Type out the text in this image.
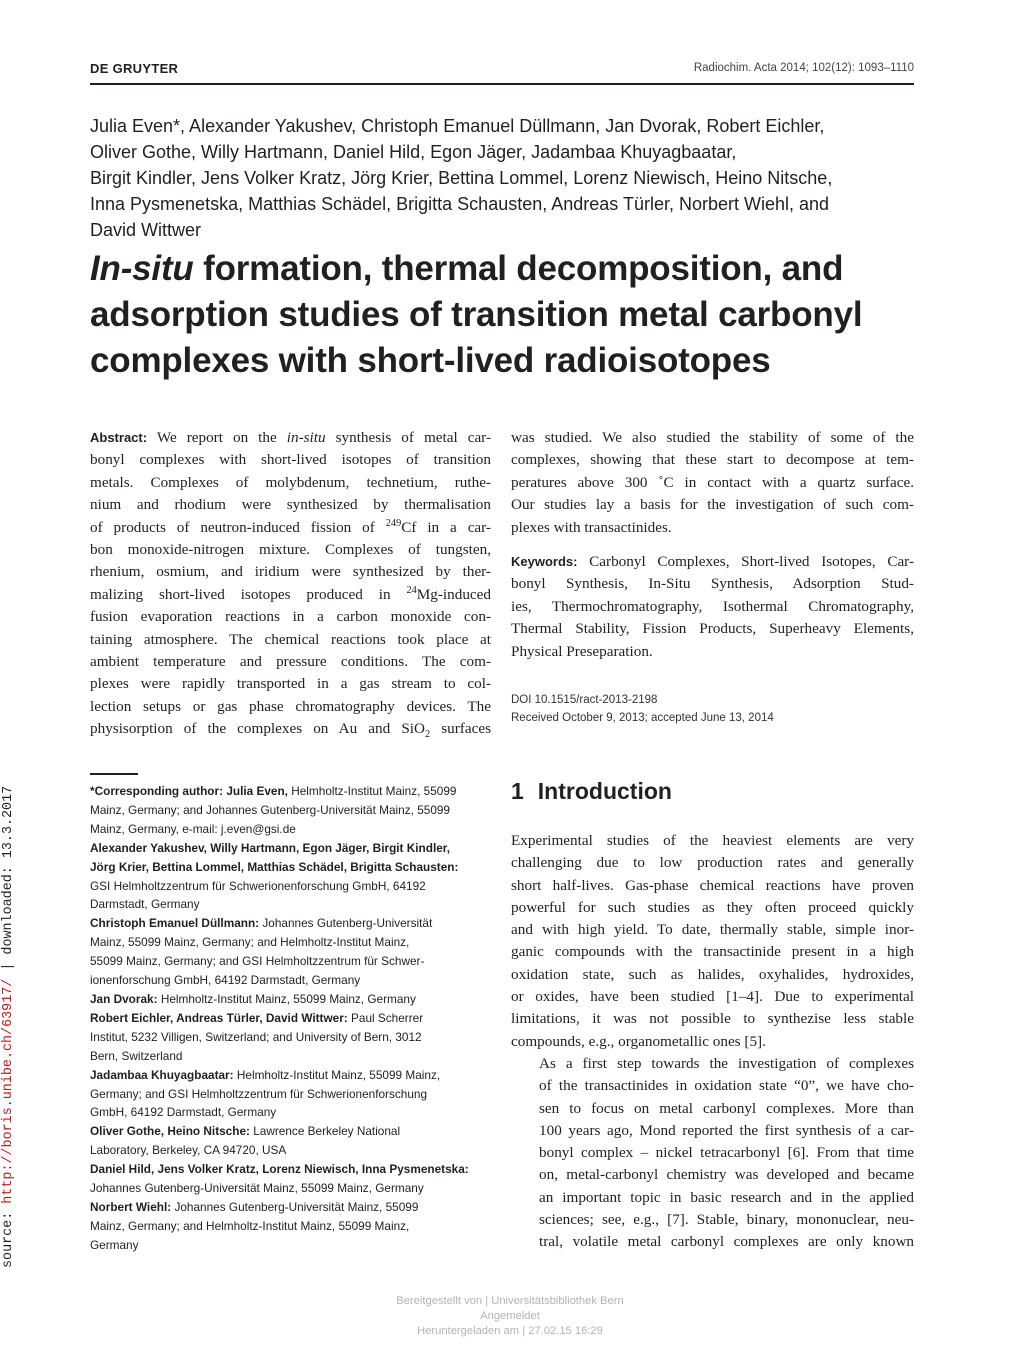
DE GRUYTER	Radiochim. Acta 2014; 102(12): 1093–1110
Julia Even*, Alexander Yakushev, Christoph Emanuel Düllmann, Jan Dvorak, Robert Eichler,
Oliver Gothe, Willy Hartmann, Daniel Hild, Egon Jäger, Jadambaa Khuyagbaatar,
Birgit Kindler, Jens Volker Kratz, Jörg Krier, Bettina Lommel, Lorenz Niewisch, Heino Nitsche,
Inna Pysmenetska, Matthias Schädel, Brigitta Schausten, Andreas Türler, Norbert Wiehl, and
David Wittwer
In-situ formation, thermal decomposition, and
adsorption studies of transition metal carbonyl
complexes with short-lived radioisotopes
Abstract: We report on the in-situ synthesis of metal car-
bonyl complexes with short-lived isotopes of transition
metals. Complexes of molybdenum, technetium, ruthe-
nium and rhodium were synthesized by thermalisation
of products of neutron-induced fission of $^{249}$Cf in a car-
bon monoxide-nitrogen mixture. Complexes of tungsten,
rhenium, osmium, and iridium were synthesized by ther-
malizing short-lived isotopes produced in $^{24}$Mg-induced
fusion evaporation reactions in a carbon monoxide con-
taining atmosphere. The chemical reactions took place at
ambient temperature and pressure conditions. The com-
plexes were rapidly transported in a gas stream to col-
lection setups or gas phase chromatography devices. The
physisorption of the complexes on Au and SiO$_2$ surfaces
was studied. We also studied the stability of some of the
complexes, showing that these start to decompose at tem-
peratures above 300 ˚C in contact with a quartz surface.
Our studies lay a basis for the investigation of such com-
plexes with transactinides.
Keywords: Carbonyl Complexes, Short-lived Isotopes, Car-
bonyl Synthesis, In-Situ Synthesis, Adsorption Stud-
ies, Thermochromatography, Isothermal Chromatography,
Thermal Stability, Fission Products, Superheavy Elements,
Physical Preseparation.
DOI 10.1515/ract-2013-2198
Received October 9, 2013; accepted June 13, 2014
*Corresponding author: Julia Even, Helmholtz-Institut Mainz, 55099
Mainz, Germany; and Johannes Gutenberg-Universität Mainz, 55099
Mainz, Germany, e-mail: j.even@gsi.de
Alexander Yakushev, Willy Hartmann, Egon Jäger, Birgit Kindler,
Jörg Krier, Bettina Lommel, Matthias Schädel, Brigitta Schausten:
GSI Helmholtzzentrum für Schwerionenforschung GmbH, 64192
Darmstadt, Germany
Christoph Emanuel Düllmann: Johannes Gutenberg-Universität
Mainz, 55099 Mainz, Germany; and Helmholtz-Institut Mainz,
55099 Mainz, Germany; and GSI Helmholtzzentrum für Schwer-
ionenforschung GmbH, 64192 Darmstadt, Germany
Jan Dvorak: Helmholtz-Institut Mainz, 55099 Mainz, Germany
Robert Eichler, Andreas Türler, David Wittwer: Paul Scherrer
Institut, 5232 Villigen, Switzerland; and University of Bern, 3012
Bern, Switzerland
Jadambaa Khuyagbaatar: Helmholtz-Institut Mainz, 55099 Mainz,
Germany; and GSI Helmholtzzentrum für Schwerionenforschung
GmbH, 64192 Darmstadt, Germany
Oliver Gothe, Heino Nitsche: Lawrence Berkeley National
Laboratory, Berkeley, CA 94720, USA
Daniel Hild, Jens Volker Kratz, Lorenz Niewisch, Inna Pysmenetska:
Johannes Gutenberg-Universität Mainz, 55099 Mainz, Germany
Norbert Wiehl: Johannes Gutenberg-Universität Mainz, 55099
Mainz, Germany; and Helmholtz-Institut Mainz, 55099 Mainz,
Germany
1 Introduction

Experimental studies of the heaviest elements are very
challenging due to low production rates and generally
short half-lives. Gas-phase chemical reactions have proven
powerful for such studies as they often proceed quickly
and with high yield. To date, thermally stable, simple inor-
ganic compounds with the transactinide present in a high
oxidation state, such as halides, oxyhalides, hydroxides,
or oxides, have been studied [1–4]. Due to experimental
limitations, it was not possible to synthezise less stable
compounds, e.g., organometallic ones [5].

As a first step towards the investigation of complexes
of the transactinides in oxidation state “0”, we have cho-
sen to focus on metal carbonyl complexes. More than
100 years ago, Mond reported the first synthesis of a car-
bonyl complex – nickel tetracarbonyl [6]. From that time
on, metal-carbonyl chemistry was developed and became
an important topic in basic research and in the applied
sciences; see, e.g., [7]. Stable, binary, mononuclear, neu-
tral, volatile metal carbonyl complexes are only known

source: http://boris.unibe.ch/63917/ | downloaded: 13.3.2017
Bereitgestellt von | Universitätsbibliothek Bern
Angemeldet
Heruntergeladen am | 27.02.15 16:29
